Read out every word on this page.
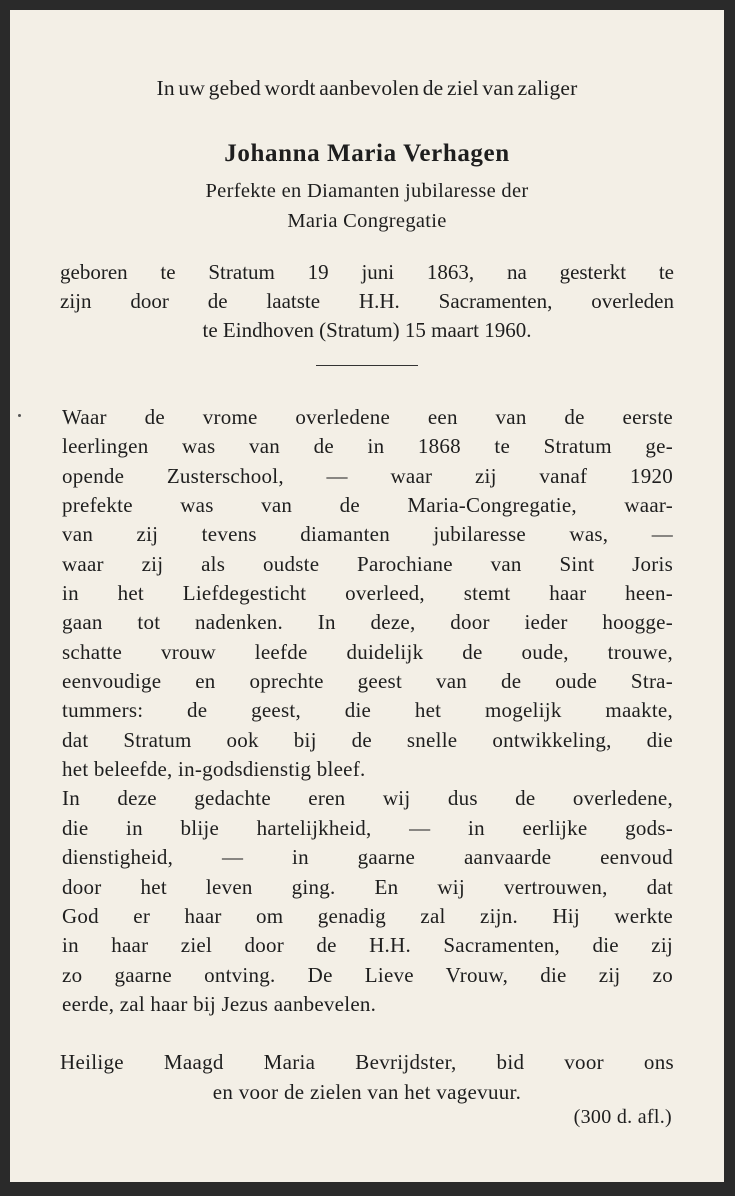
In uw gebed wordt aanbevolen de ziel van zaliger
Johanna Maria Verhagen
Perfekte en Diamanten jubilaresse der
Maria Congregatie
geboren te Stratum 19 juni 1863, na gesterkt te
zijn door de laatste H.H. Sacramenten, overleden
te Eindhoven (Stratum) 15 maart 1960.
Waar de vrome overledene een van de eerste
leerlingen was van de in 1868 te Stratum ge-
opende Zusterschool, — waar zij vanaf 1920
prefekte was van de Maria-Congregatie, waar-
van zij tevens diamanten jubilaresse was, —
waar zij als oudste Parochiane van Sint Joris
in het Liefdegesticht overleed, stemt haar heen-
gaan tot nadenken. In deze, door ieder hoogge-
schatte vrouw leefde duidelijk de oude, trouwe,
eenvoudige en oprechte geest van de oude Stra-
tummers: de geest, die het mogelijk maakte,
dat Stratum ook bij de snelle ontwikkeling, die
het beleefde, in-godsdienstig bleef.
In deze gedachte eren wij dus de overledene,
die in blije hartelijkheid, — in eerlijke gods-
dienstigheid, — in gaarne aanvaarde eenvoud
door het leven ging. En wij vertrouwen, dat
God er haar om genadig zal zijn. Hij werkte
in haar ziel door de H.H. Sacramenten, die zij
zo gaarne ontving. De Lieve Vrouw, die zij zo
eerde, zal haar bij Jezus aanbevelen.
Heilige Maagd Maria Bevrijdster, bid voor ons
en voor de zielen van het vagevuur.
(300 d. afl.)
